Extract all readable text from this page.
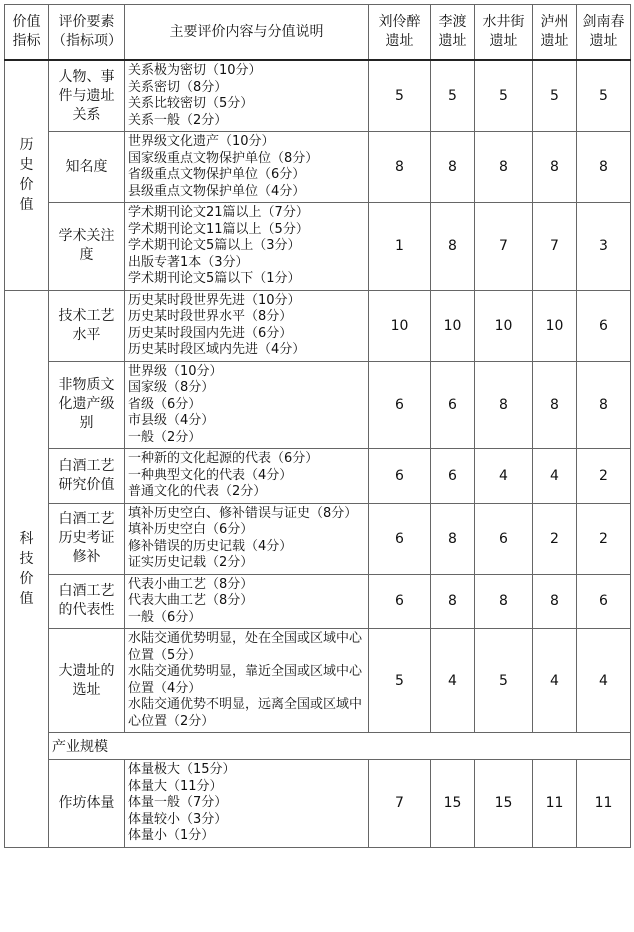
价值指标	评价要素（指标项）	主要评价内容与分值说明	刘伶醉遗址	李渡遗址	水井街遗址	泸州遗址	剑南春遗址
历史价值	人物、事件与遗址关系	关系极为密切（10分）
关系密切（8分）
关系比较密切（5分）
关系一般（2分）	5	5	5	5	5
	知名度	世界级文化遗产（10分）
国家级重点文物保护单位（8分）
省级重点文物保护单位（6分）
县级重点文物保护单位（4分）	8	8	8	8	8
	学术关注度	学术期刊论文21篇以上（7分）
学术期刊论文11篇以上（5分）
学术期刊论文5篇以上（3分）
出版专著1本（3分）
学术期刊论文5篇以下（1分）	1	8	7	7	3
科技价值	技术工艺水平	历史某时段世界先进（10分）
历史某时段世界水平（8分）
历史某时段国内先进（6分）
历史某时段区域内先进（4分）	10	10	10	10	6
	非物质文化遗产级别	世界级（10分）
国家级（8分）
省级（6分）
市县级（4分）
一般（2分）	6	6	8	8	8
	白酒工艺研究价值	一种新的文化起源的代表（6分）
一种典型文化的代表（4分）
普通文化的代表（2分）	6	6	4	4	2
	白酒工艺历史考证修补	填补历史空白、修补错误与证史（8分）
填补历史空白（6分）
修补错误的历史记载（4分）
证实历史记载（2分）	6	8	6	2	2
	白酒工艺的代表性	代表小曲工艺（8分）
代表大曲工艺（8分）
一般（6分）	6	8	8	8	6
	大遗址的选址	水陆交通优势明显，处在全国或区域中心位置（5分）
水陆交通优势明显，靠近全国或区域中心位置（4分）
水陆交通优势不明显，远离全国或区域中心位置（2分）	5	4	5	4	4
	产业规模						
	作坊体量	体量极大（15分）
体量大（11分）
体量一般（7分）
体量较小（3分）
体量小（1分）	7	15	15	11	11
